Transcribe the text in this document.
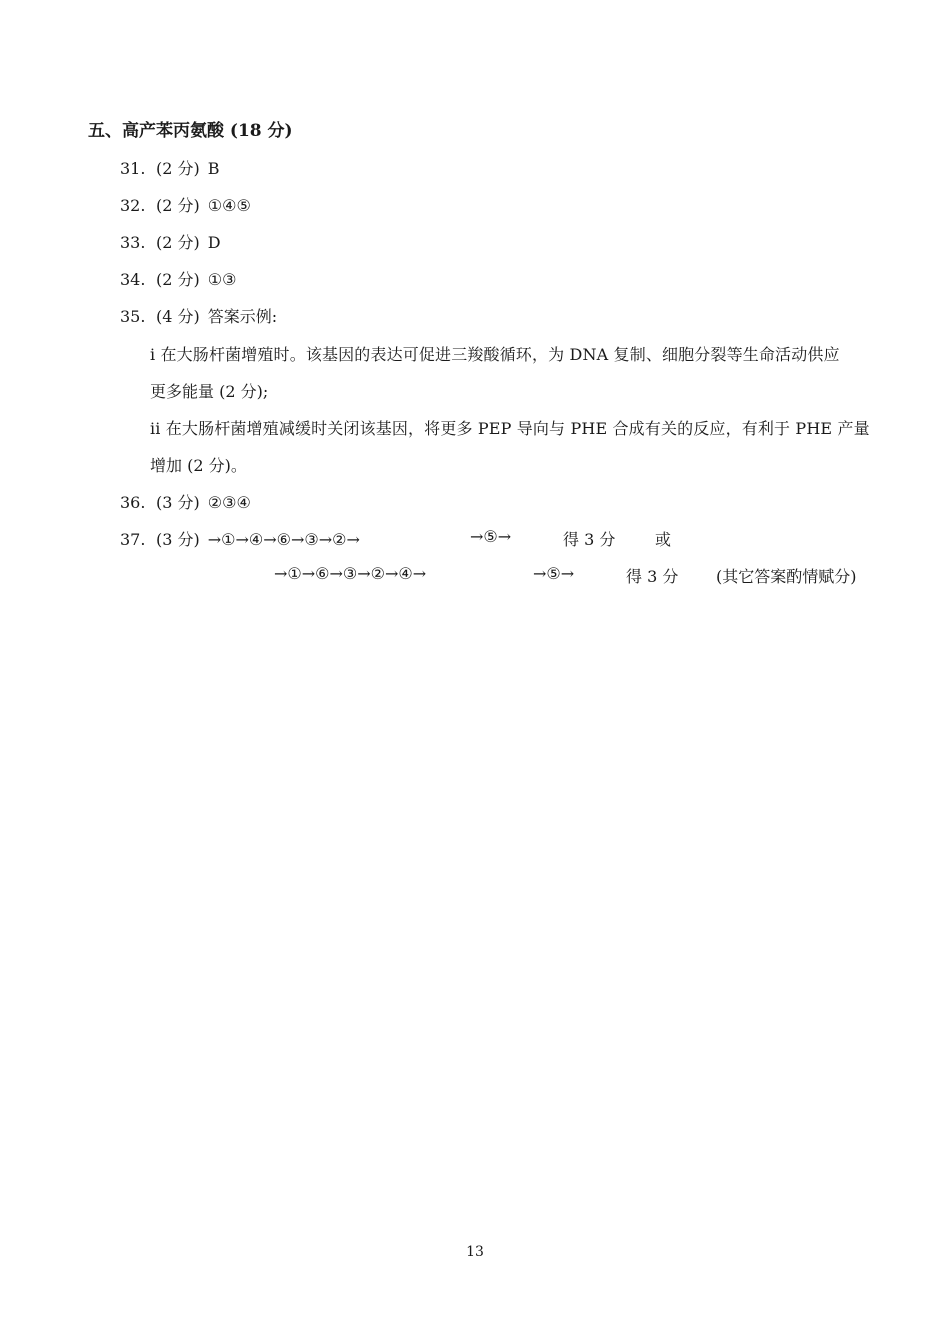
五、高产苯丙氨酸 (18 分)
31. (2 分) B
32. (2 分) ①④⑤
33. (2 分) D
34. (2 分) ①③
35. (4 分) 答案示例:
i 在大肠杆菌增殖时。该基因的表达可促进三羧酸循环，为 DNA 复制、细胞分裂等生命活动供应
更多能量 (2 分);
ii 在大肠杆菌增殖减缓时关闭该基因，将更多 PEP 导向与 PHE 合成有关的反应，有利于 PHE 产量
增加 (2 分)。
36. (3 分) ②③④
37. (3 分) →①→④→⑥→③→②→	→⑤→	得 3 分 或
→①→⑥→③→②→④→	→⑤→	得 3 分 (其它答案酌情赋分)
13
